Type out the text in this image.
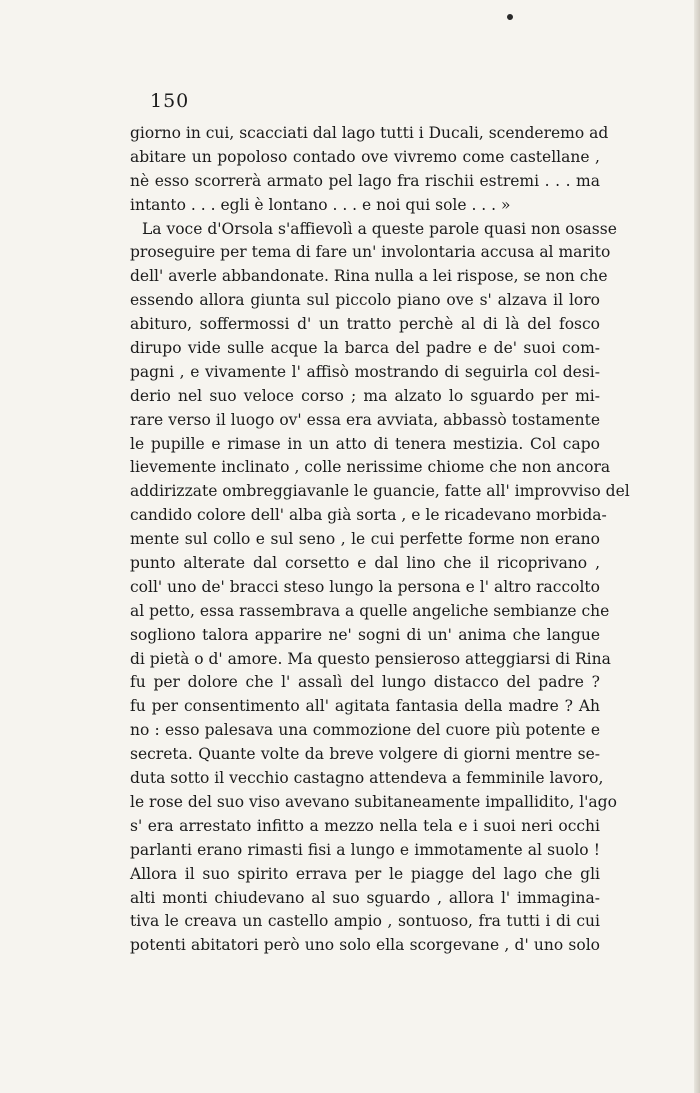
150
giorno in cui, scacciati dal lago tutti i Ducali, scenderemo ad
abitare un popoloso contado ove vivremo come castellane ,
nè esso scorrerà armato pel lago fra rischii estremi . . . ma
intanto . . . egli è lontano . . . e noi qui sole . . . »
La voce d'Orsola s'affievolì a queste parole quasi non osasse
proseguire per tema di fare un' involontaria accusa al marito
dell' averle abbandonate. Rina nulla a lei rispose, se non che
essendo allora giunta sul piccolo piano ove s' alzava il loro
abituro, soffermossi d' un tratto perchè al di là del fosco
dirupo vide sulle acque la barca del padre e de' suoi com-
pagni , e vivamente l' affisò mostrando di seguirla col desi-
derio nel suo veloce corso ; ma alzato lo sguardo per mi-
rare verso il luogo ov' essa era avviata, abbassò tostamente
le pupille e rimase in un atto di tenera mestizia. Col capo
lievemente inclinato , colle nerissime chiome che non ancora
addirizzate ombreggiavanle le guancie, fatte all' improvviso del
candido colore dell' alba già sorta , e le ricadevano morbida-
mente sul collo e sul seno , le cui perfette forme non erano
punto alterate dal corsetto e dal lino che il ricoprivano ,
coll' uno de' bracci steso lungo la persona e l' altro raccolto
al petto, essa rassembrava a quelle angeliche sembianze che
sogliono talora apparire ne' sogni di un' anima che langue
di pietà o d' amore. Ma questo pensieroso atteggiarsi di Rina
fu per dolore che l' assalì del lungo distacco del padre ?
fu per consentimento all' agitata fantasia della madre ? Ah
no : esso palesava una commozione del cuore più potente e
secreta. Quante volte da breve volgere di giorni mentre se-
duta sotto il vecchio castagno attendeva a femminile lavoro,
le rose del suo viso avevano subitaneamente impallidito, l'ago
s' era arrestato infitto a mezzo nella tela e i suoi neri occhi
parlanti erano rimasti fisi a lungo e immotamente al suolo !
Allora il suo spirito errava per le piagge del lago che gli
alti monti chiudevano al suo sguardo , allora l' immagina-
tiva le creava un castello ampio , sontuoso, fra tutti i di cui
potenti abitatori però uno solo ella scorgevane , d' uno solo
